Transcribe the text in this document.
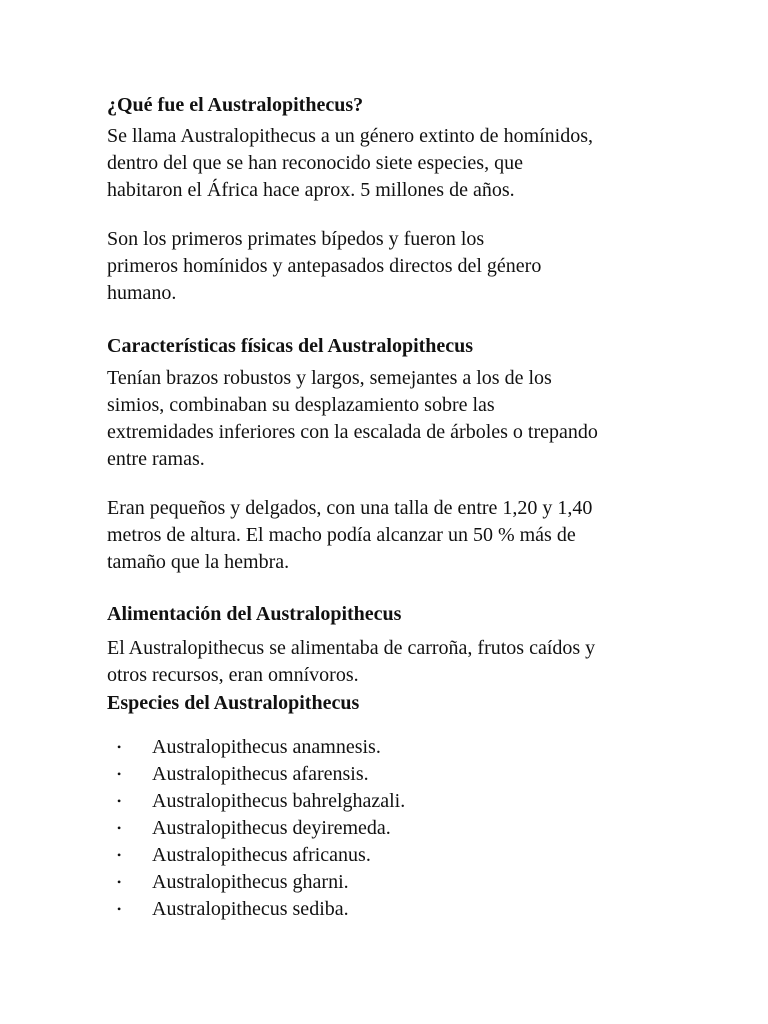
¿Qué fue el Australopithecus?

Se llama Australopithecus a un género extinto de homínidos,
dentro del que se han reconocido siete especies, que
habitaron el África hace aprox. 5 millones de años.

Son los primeros primates bípedos y fueron los
primeros homínidos y antepasados directos del género
humano.

Características físicas del Australopithecus

Tenían brazos robustos y largos, semejantes a los de los
simios, combinaban su desplazamiento sobre las
extremidades inferiores con la escalada de árboles o trepando
entre ramas.

Eran pequeños y delgados, con una talla de entre 1,20 y 1,40
metros de altura. El macho podía alcanzar un 50 % más de
tamaño que la hembra.

Alimentación del Australopithecus

El Australopithecus se alimentaba de carroña, frutos caídos y
otros recursos, eran omnívoros.

Especies del Australopithecus
• Australopithecus anamnesis.
• Australopithecus afarensis.
• Australopithecus bahrelghazali.
• Australopithecus deyiremeda.
• Australopithecus africanus.
• Australopithecus gharni.
• Australopithecus sediba.
